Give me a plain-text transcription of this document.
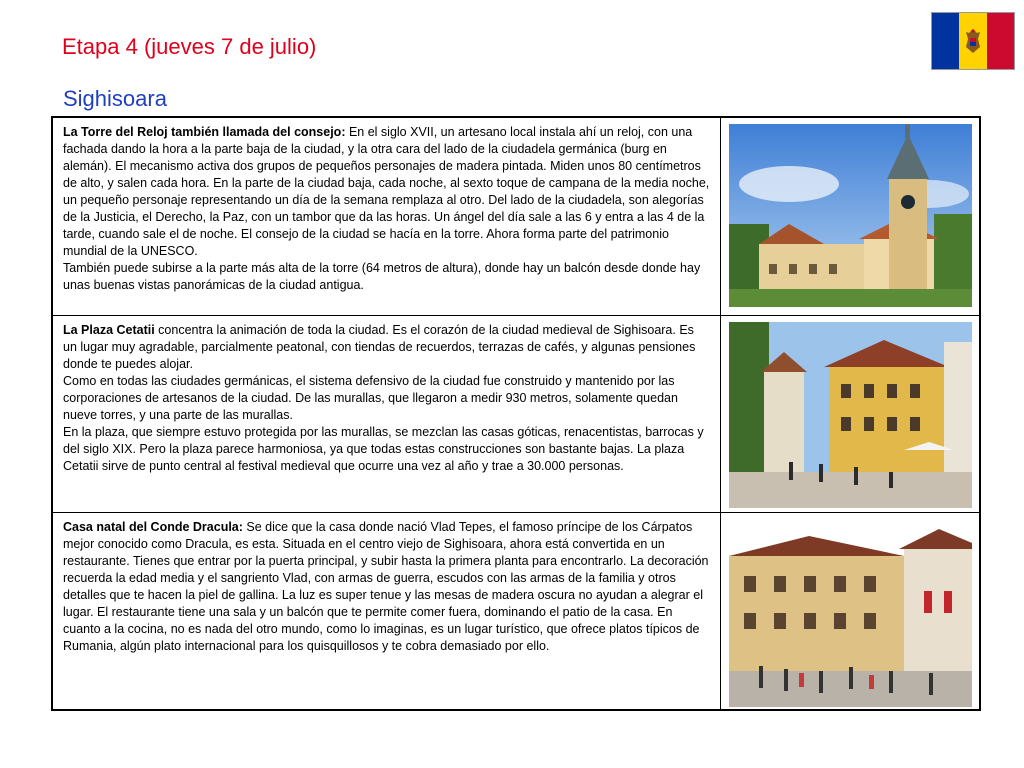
Etapa 4 (jueves 7 de julio)
Sighisoara
La Torre del Reloj también llamada del consejo: En el siglo XVII, un artesano local instala ahí un reloj, con una fachada dando la hora a la parte baja de la ciudad, y la otra cara del lado de la ciudadela germánica (burg en alemán). El mecanismo activa dos grupos de pequeños personajes de madera pintada. Miden unos 80 centímetros de alto, y salen cada hora. En la parte de la ciudad baja, cada noche, al sexto toque de campana de la media noche, un pequeño personaje representando un día de la semana remplaza al otro. Del lado de la ciudadela, son alegorías de la Justicia, el Derecho, la Paz, con un tambor que da las horas. Un ángel del día sale a las 6 y entra a las 4 de la tarde, cuando sale el de noche. El consejo de la ciudad se hacía en la torre. Ahora forma parte del patrimonio mundial de la UNESCO.
También puede subirse a la parte más alta de la torre (64 metros de altura), donde hay un balcón desde donde hay unas buenas vistas panorámicas de la ciudad antigua.
La Plaza Cetatii concentra la animación de toda la ciudad. Es el corazón de la ciudad medieval de Sighisoara. Es un lugar muy agradable, parcialmente peatonal, con tiendas de recuerdos, terrazas de cafés, y algunas pensiones donde te puedes alojar.
Como en todas las ciudades germánicas, el sistema defensivo de la ciudad fue construido y mantenido por las corporaciones de artesanos de la ciudad. De las murallas, que llegaron a medir 930 metros, solamente quedan nueve torres, y una parte de las murallas.
En la plaza, que siempre estuvo protegida por las murallas, se mezclan las casas góticas, renacentistas, barrocas y del siglo XIX. Pero la plaza parece harmoniosa, ya que todas estas construcciones son bastante bajas. La plaza Cetatii sirve de punto central al festival medieval que ocurre una vez al año y trae a 30.000 personas.
Casa natal del Conde Dracula: Se dice que la casa donde nació Vlad Tepes, el famoso príncipe de los Cárpatos mejor conocido como Dracula, es esta. Situada en el centro viejo de Sighisoara, ahora está convertida en un restaurante. Tienes que entrar por la puerta principal, y subir hasta la primera planta para encontrarlo. La decoración recuerda la edad media y el sangriento Vlad, con armas de guerra, escudos con las armas de la familia y otros detalles que te hacen la piel de gallina. La luz es super tenue y las mesas de madera oscura no ayudan a alegrar el lugar. El restaurante tiene una sala y un balcón que te permite comer fuera, dominando el patio de la casa. En cuanto a la cocina, no es nada del otro mundo, como lo imaginas, es un lugar turístico, que ofrece platos típicos de Rumania, algún plato internacional para los quisquillosos y te cobra demasiado por ello.
